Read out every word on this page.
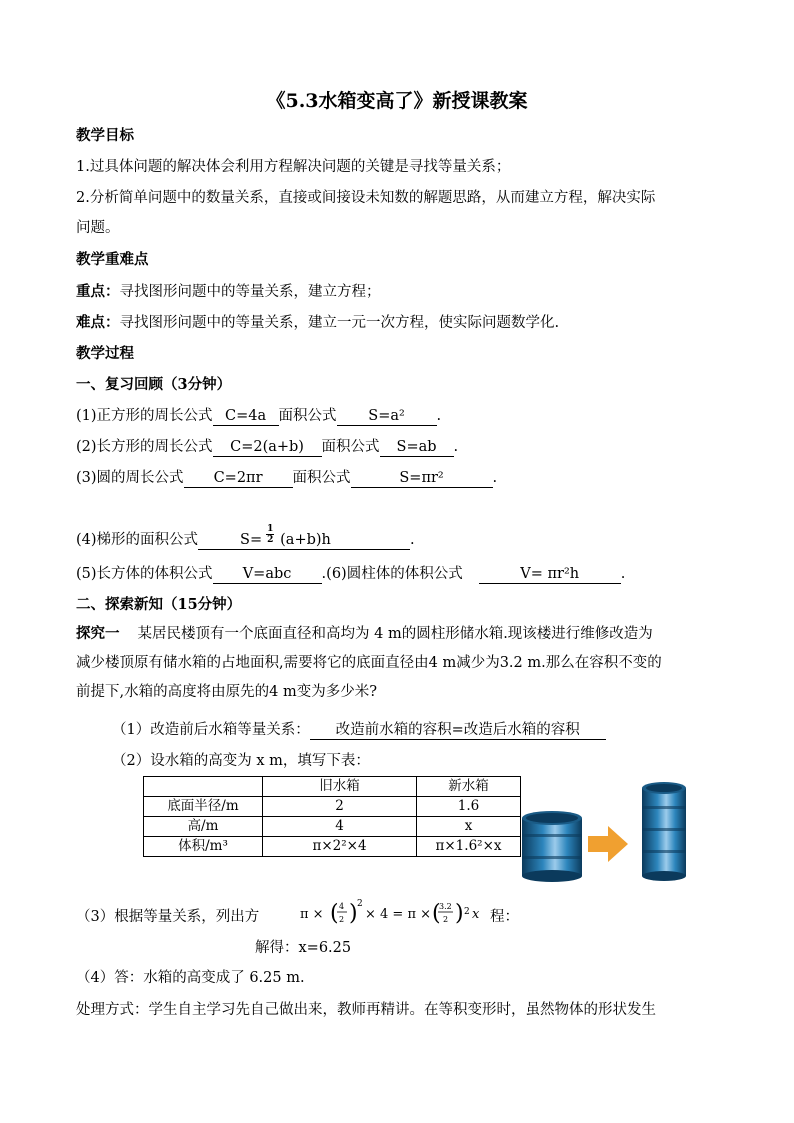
《5.3水箱变高了》新授课教案
教学目标
1.过具体问题的解决体会利用方程解决问题的关键是寻找等量关系；
2.分析简单问题中的数量关系，直接或间接设未知数的解题思路，从而建立方程，解决实际
问题。
教学重难点
重点：寻找图形问题中的等量关系，建立方程；
难点：寻找图形问题中的等量关系，建立一元一次方程，使实际问题数学化.
教学过程
一、复习回顾（3分钟）
(1)正方形的周长公式 C=4a 面积公式 S=a² .
(2)长方形的周长公式 C=2(a+b) 面积公式 S=ab .
(3)圆的周长公式 C=2πr 面积公式	S=πr²	.
(4)梯形的面积公式	S=
$\frac{1}{2}$
(a+b)h	.
(5)长方体的体积公式 V=abc .(6)圆柱体的体积公式	V= πr²h	.
二、探索新知（15分钟）
探究一 某居民楼顶有一个底面直径和高均为 4 m的圆柱形储水箱.现该楼进行维修改造为
减少楼顶原有储水箱的占地面积,需要将它的底面直径由4 m减少为3.2 m.那么在容积不变的
前提下,水箱的高度将由原先的4 m变为多少米?
（1）改造前后水箱等量关系： 改造前水箱的容积=改造后水箱的容积
（2）设水箱的高变为 x m，填写下表：
	旧水箱	新水箱
底面半径/m	2	1.6
高/m	4	x
体积/m³	π×2²×4	π×1.6²×x
（3）根据等量关系，列出方	π × ( 4
2 ) 2
× 4 = π × (
3.2
2 ) 2 x 程：
解得：x=6.25
（4）答：水箱的高变成了 6.25 m.
处理方式：学生自主学习先自己做出来，教师再精讲。在等积变形时，虽然物体的形状发生
